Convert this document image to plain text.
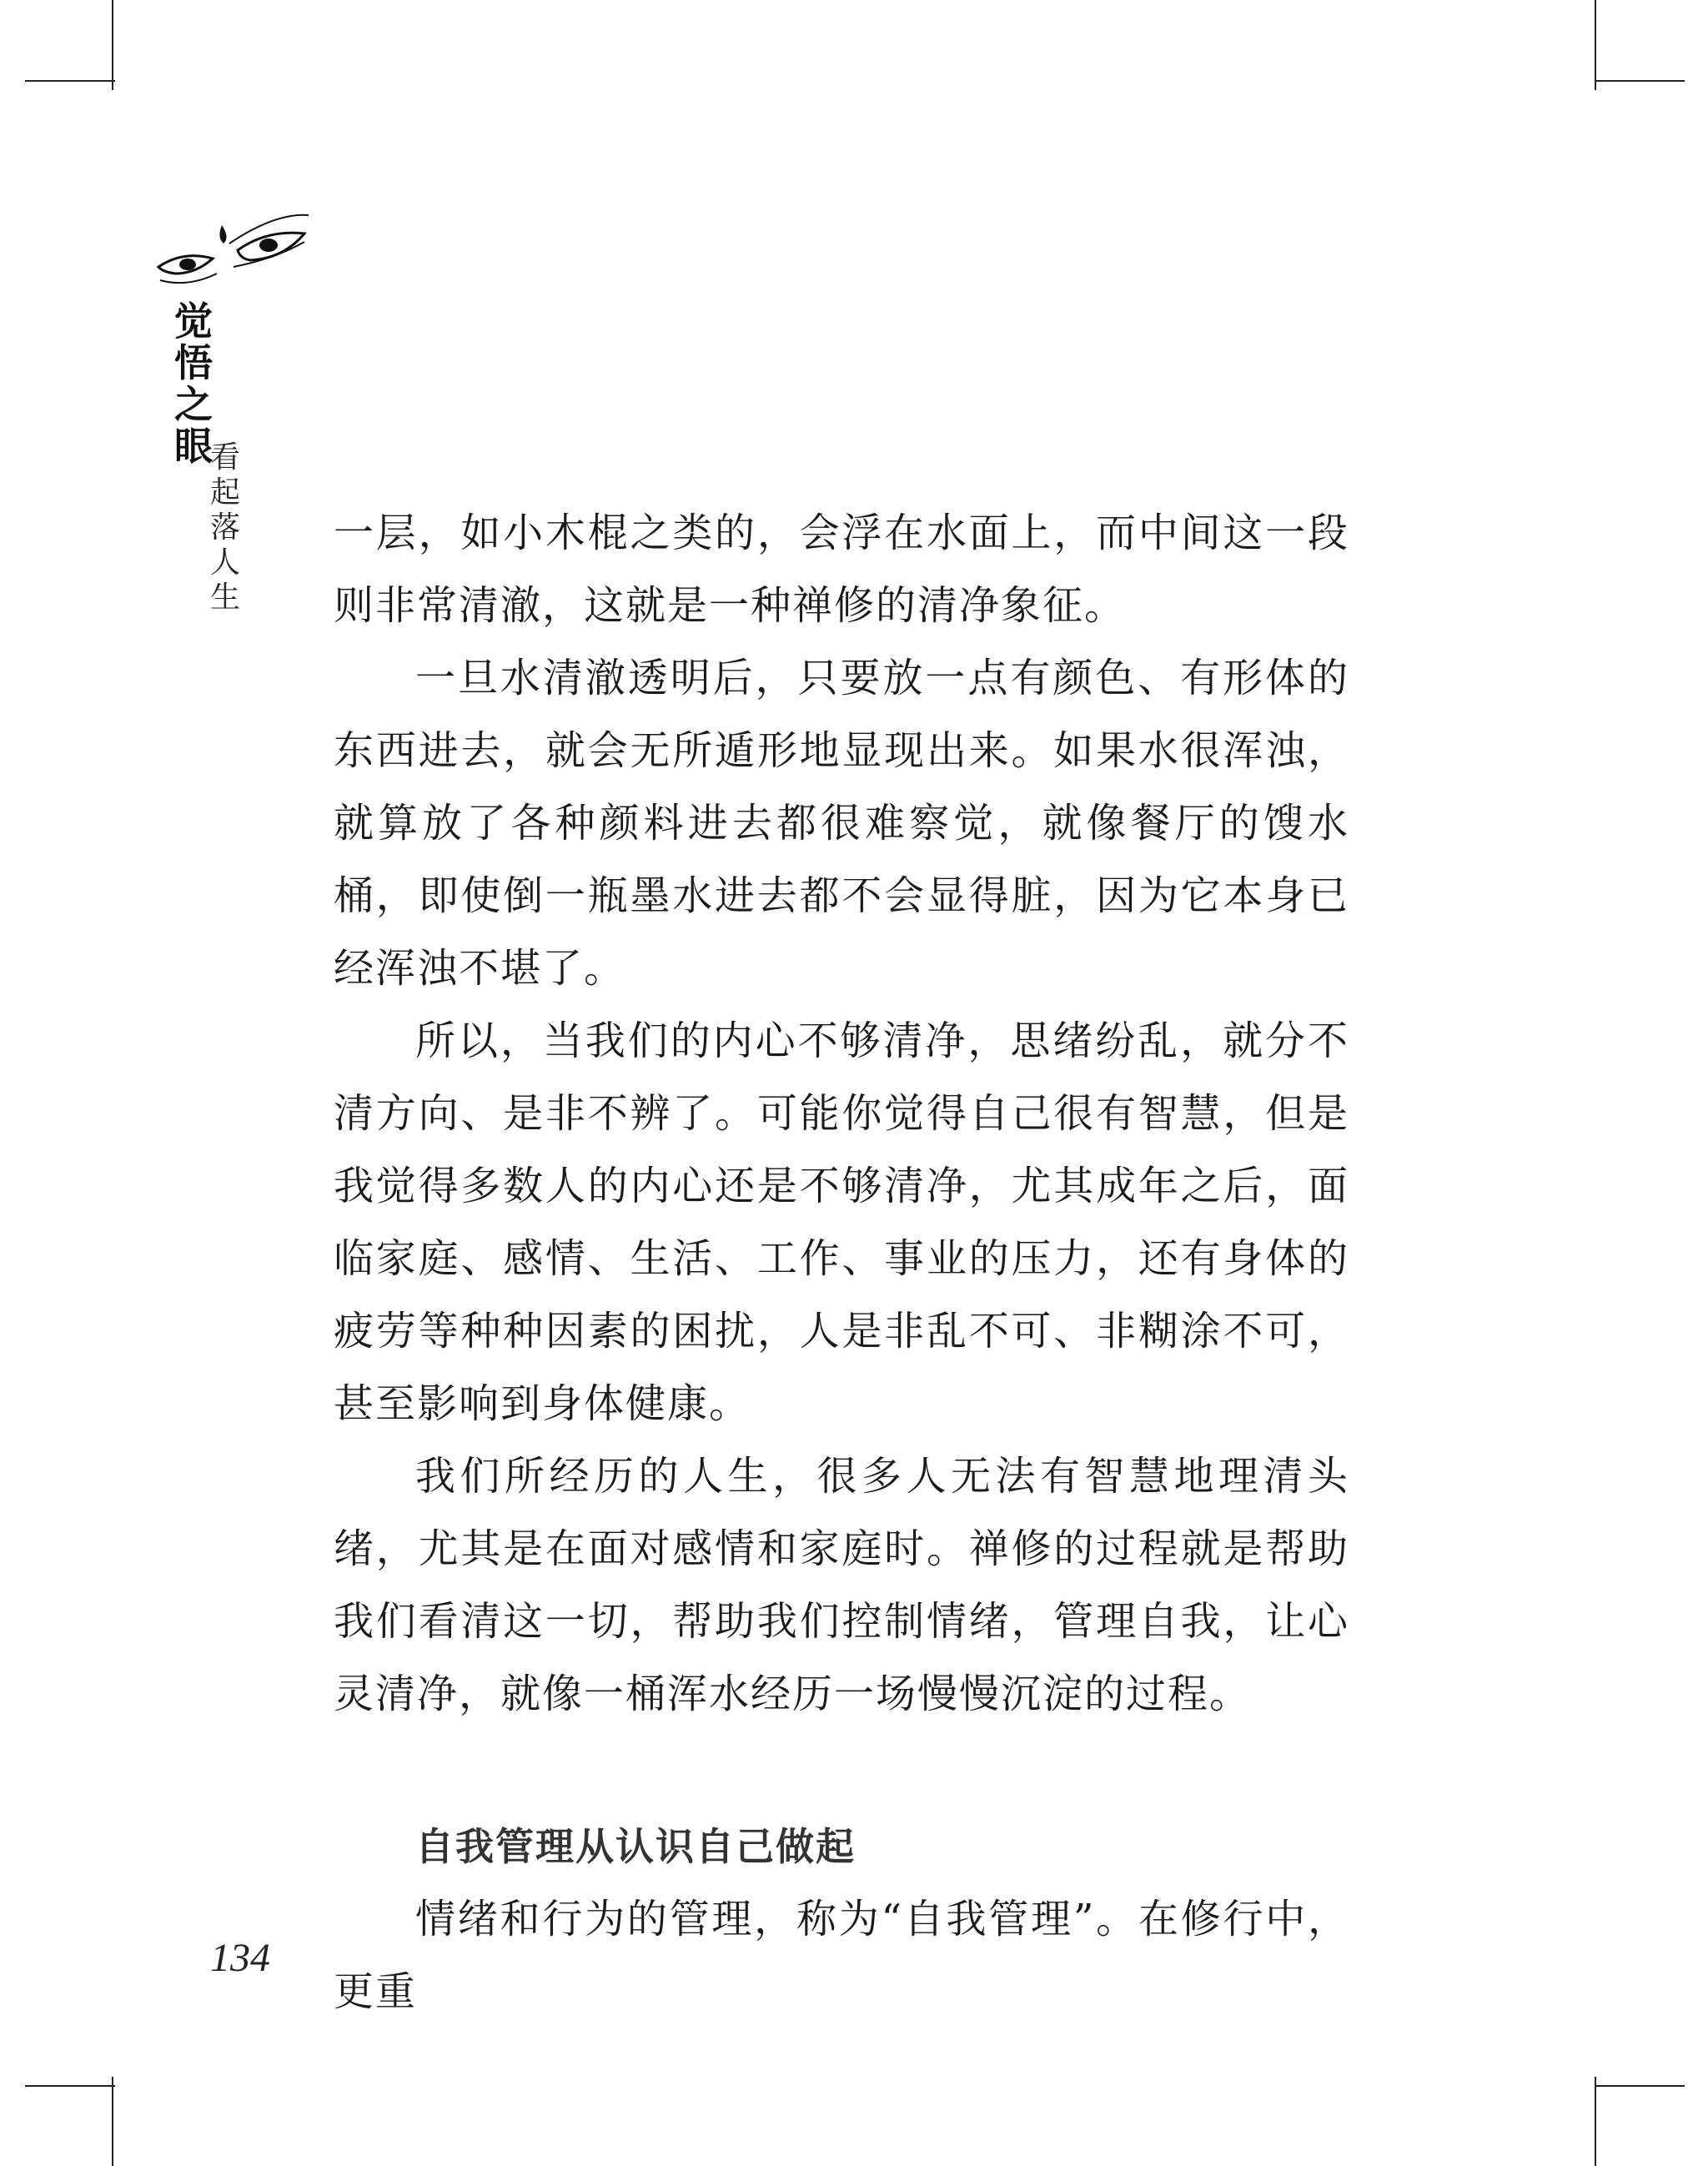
觉悟之眼
看起落人生

一层，如小木棍之类的，会浮在水面上，而中间这一段则非常清澈，这就是一种禅修的清净象征。

一旦水清澈透明后，只要放一点有颜色、有形体的东西进去，就会无所遁形地显现出来。如果水很浑浊，就算放了各种颜料进去都很难察觉，就像餐厅的馊水桶，即使倒一瓶墨水进去都不会显得脏，因为它本身已经浑浊不堪了。

所以，当我们的内心不够清净，思绪纷乱，就分不清方向、是非不辨了。可能你觉得自己很有智慧，但是我觉得多数人的内心还是不够清净，尤其成年之后，面临家庭、感情、生活、工作、事业的压力，还有身体的疲劳等种种因素的困扰，人是非乱不可、非糊涂不可，甚至影响到身体健康。

我们所经历的人生，很多人无法有智慧地理清头绪，尤其是在面对感情和家庭时。禅修的过程就是帮助我们看清这一切，帮助我们控制情绪，管理自我，让心灵清净，就像一桶浑水经历一场慢慢沉淀的过程。

自我管理从认识自己做起

情绪和行为的管理，称为“自我管理”。在修行中，更重

134
